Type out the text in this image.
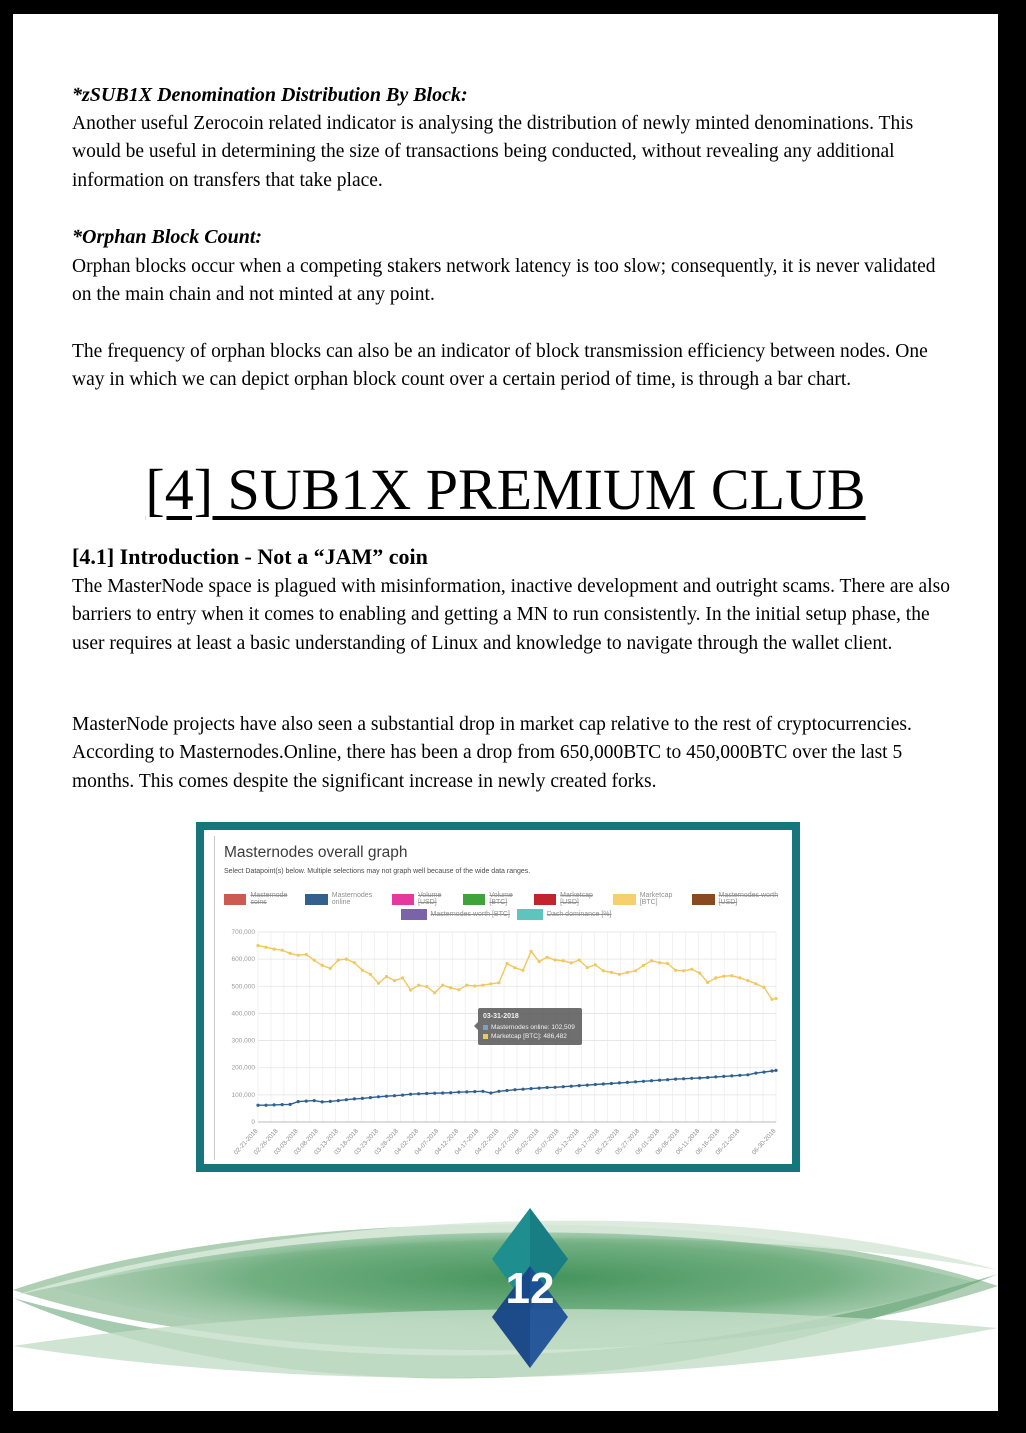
*zSUB1X Denomination Distribution By Block:
Another useful Zerocoin related indicator is analysing the distribution of newly minted denominations. This would be useful in determining the size of transactions being conducted, without revealing any additional information on transfers that take place.
*Orphan Block Count:
Orphan blocks occur when a competing stakers network latency is too slow; consequently, it is never validated on the main chain and not minted at any point.
The frequency of orphan blocks can also be an indicator of block transmission efficiency between nodes. One way in which we can depict orphan block count over a certain period of time, is through a bar chart.
[4] SUB1X PREMIUM CLUB
[4.1] Introduction - Not a “JAM” coin
The MasterNode space is plagued with misinformation, inactive development and outright scams. There are also barriers to entry when it comes to enabling and getting a MN to run consistently. In the initial setup phase, the user requires at least a basic understanding of Linux and knowledge to navigate through the wallet client.
MasterNode projects have also seen a substantial drop in market cap relative to the rest of cryptocurrencies. According to Masternodes.Online, there has been a drop from 650,000BTC to 450,000BTC over the last 5 months. This comes despite the significant increase in newly created forks.
Masternodes overall graph
Select Datapoint(s) below. Multiple selections may not graph well because of the wide data ranges.
Masternode coins
Masternodes online
Volume [USD]
Volume [BTC]
Marketcap [USD]
Marketcap [BTC]
Masternodes worth [USD]
Masternodes worth [BTC]	Dash dominance [%]
0
100,000
200,000
300,000
400,000
500,000
600,000
700,000
02-21-2018
02-26-2018
03-03-2018
03-08-2018
03-13-2018
03-18-2018
03-23-2018
03-28-2018
04-02-2018
04-07-2018
04-12-2018
04-17-2018
04-22-2018
04-27-2018
05-02-2018
05-07-2018
05-12-2018
05-17-2018
05-22-2018
05-27-2018
06-01-2018
06-06-2018
06-11-2018
06-16-2018
06-21-2018 06-30-2018
03-31-2018
Masternodes online: 102,509
Marketcap [BTC]: 486,482
12
